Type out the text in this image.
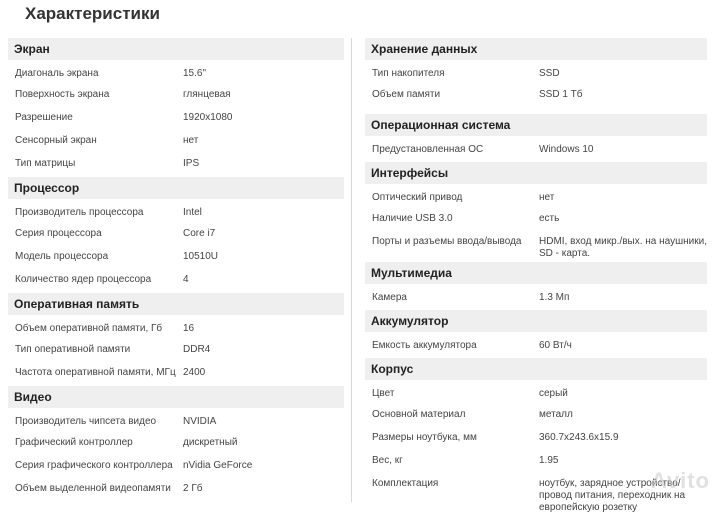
Характеристики
Экран
Диагональ экрана	15.6"
Поверхность экрана	глянцевая
Разрешение	1920x1080
Сенсорный экран	нет
Тип матрицы	IPS
Процессор
Производитель процессора	Intel
Серия процессора	Core i7
Модель процессора	10510U
Количество ядер процессора	4
Оперативная память
Объем оперативной памяти, Гб	16
Тип оперативной памяти	DDR4
Частота оперативной памяти, МГц 2400
Видео
Производитель чипсета видео	NVIDIA
Графический контроллер	дискретный
Серия графического контроллера	nVidia GeForce
Объем выделенной видеопамяти	2 Гб
Хранение данных
Тип накопителя	SSD
Объем памяти	SSD 1 Тб
Операционная система
Предустановленная ОС	Windows 10
Интерфейсы
Оптический привод	нет
Наличие USB 3.0	есть
Порты и разъемы ввода/вывода	HDMI, вход микр./вых. на наушники, SD - карта.
Мультимедиа
Камера	1.3 Мп
Аккумулятор
Емкость аккумулятора	60 Вт/ч
Корпус
Цвет	серый
Основной материал	металл
Размеры ноутбука, мм	360.7x243.6x15.9
Вес, кг	1.95
Комплектация	ноутбук, зарядное устройство/провод питания, переходник на европейскую розетку
Avito
